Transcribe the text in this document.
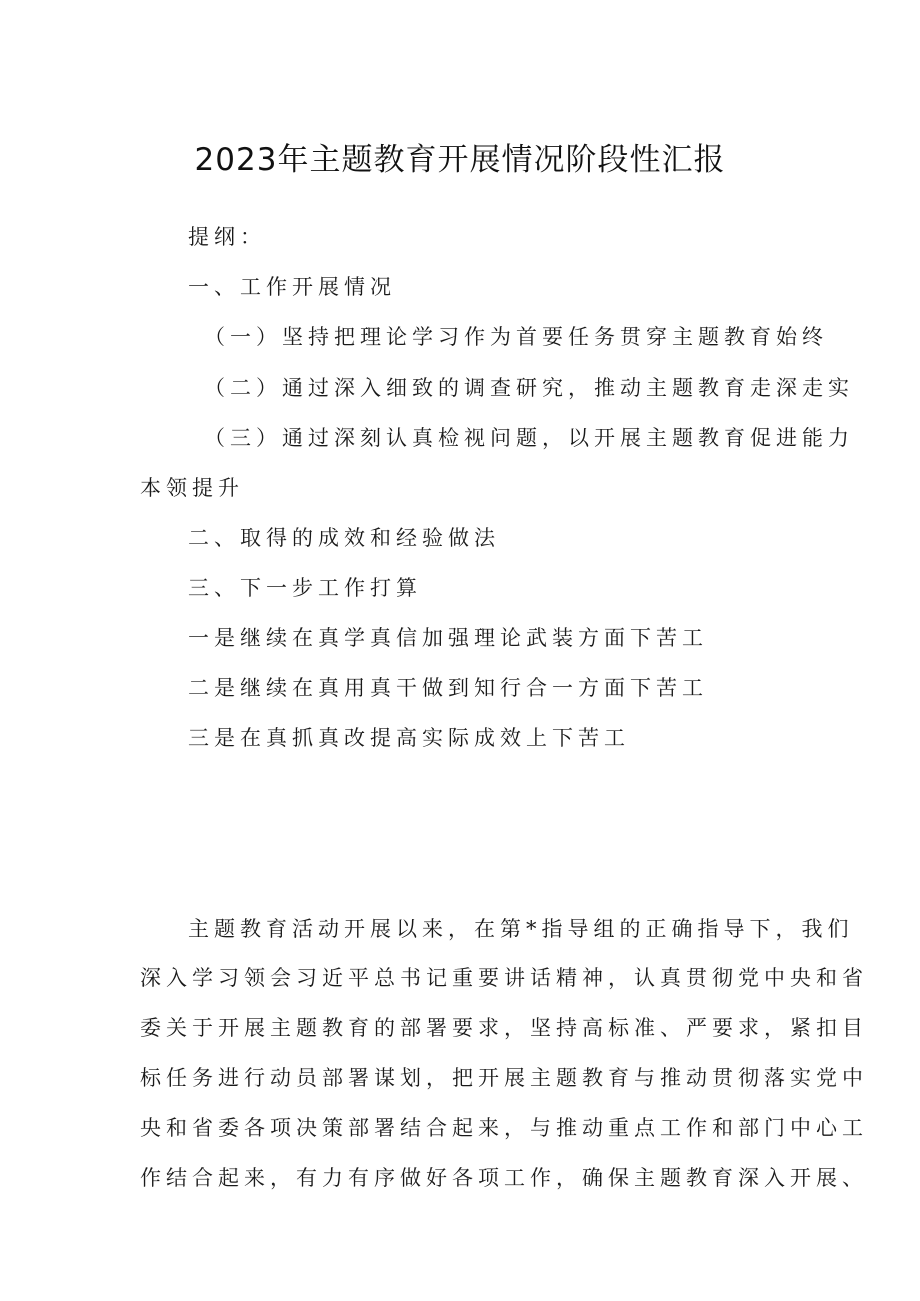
2023年主题教育开展情况阶段性汇报
提纲：
一、工作开展情况
（一）坚持把理论学习作为首要任务贯穿主题教育始终
（二）通过深入细致的调查研究，推动主题教育走深走实
（三）通过深刻认真检视问题，以开展主题教育促进能力
本领提升
二、取得的成效和经验做法
三、下一步工作打算
一是继续在真学真信加强理论武装方面下苦工
二是继续在真用真干做到知行合一方面下苦工
三是在真抓真改提高实际成效上下苦工
主题教育活动开展以来，在第*指导组的正确指导下，我们
深入学习领会习近平总书记重要讲话精神，认真贯彻党中央和省
委关于开展主题教育的部署要求，坚持高标准、严要求，紧扣目
标任务进行动员部署谋划，把开展主题教育与推动贯彻落实党中
央和省委各项决策部署结合起来，与推动重点工作和部门中心工
作结合起来，有力有序做好各项工作，确保主题教育深入开展、
